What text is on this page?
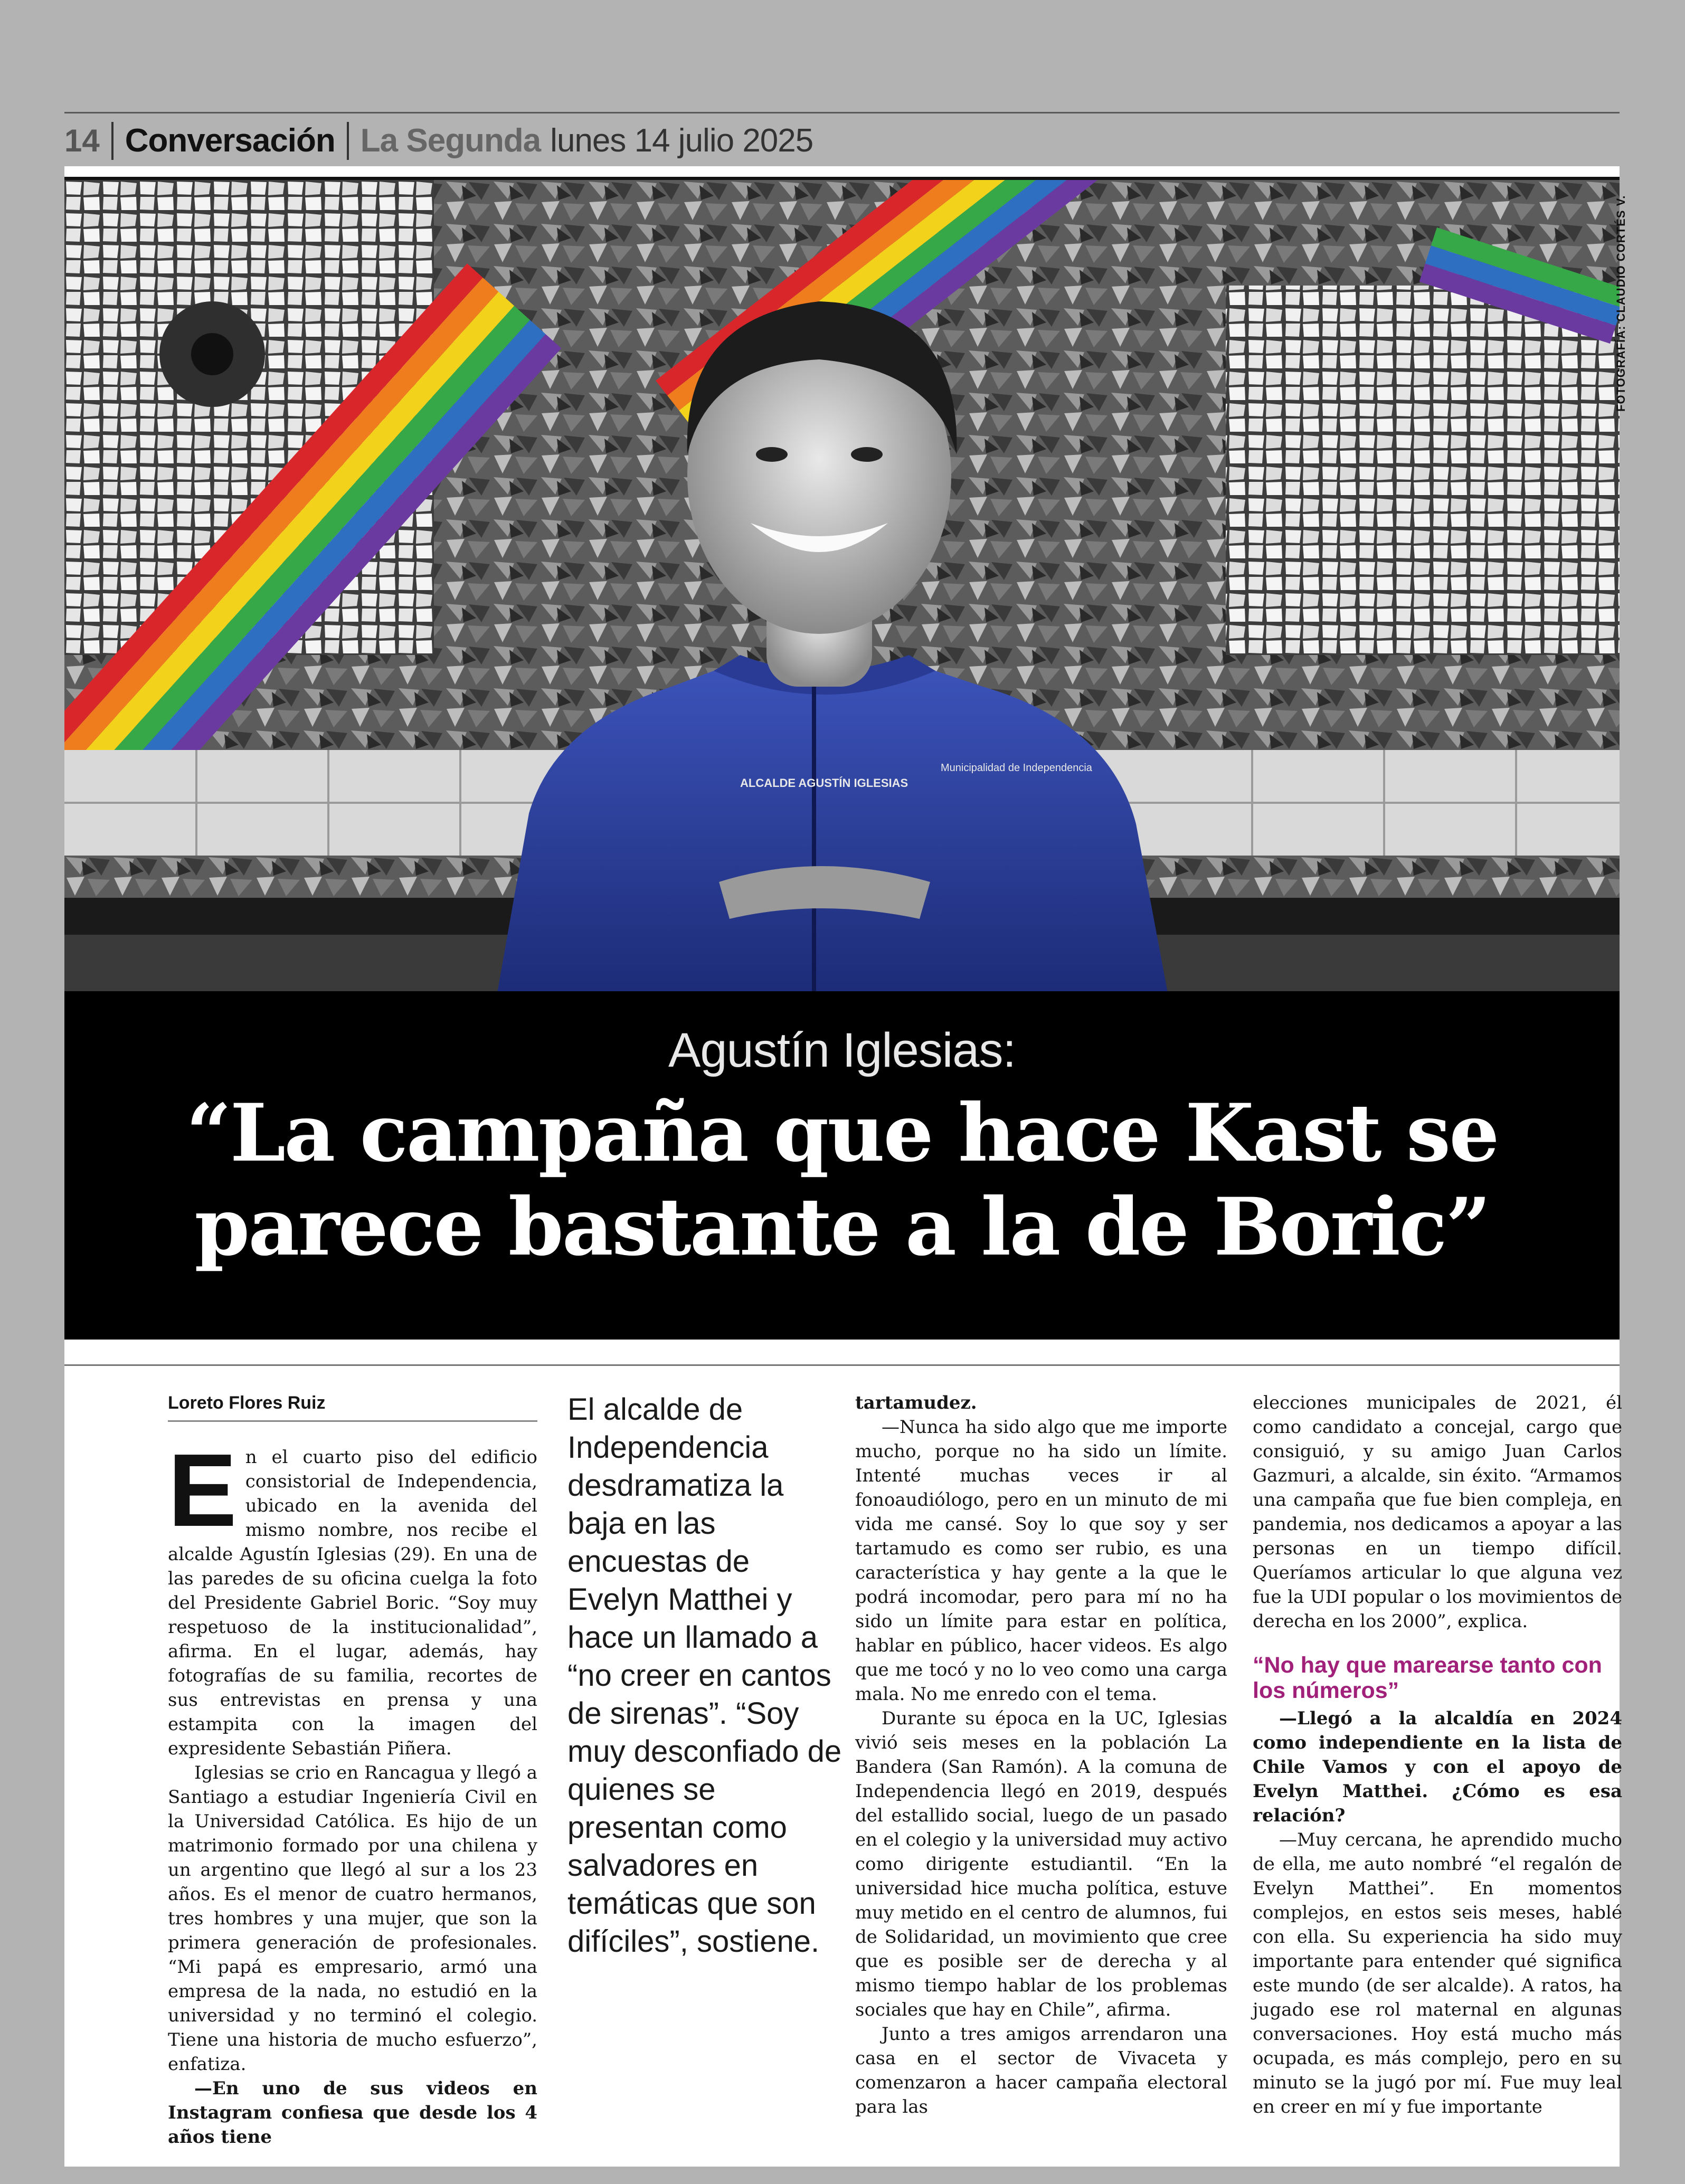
14 Conversación La Segunda lunes 14 julio 2025
ALCALDE AGUSTÍN IGLESIAS
Municipalidad de Independencia
FOTOGRAFÍA: CLAUDIO CORTÉS V.
Agustín Iglesias:
“La campaña que hace Kast se parece bastante a la de Boric”
Loreto Flores Ruiz

En el cuarto piso del edificio consistorial de Independencia, ubicado en la avenida del mismo nombre, nos recibe el alcalde Agustín Iglesias (29). En una de las paredes de su oficina cuelga la foto del Presidente Gabriel Boric. “Soy muy respetuoso de la institucionalidad”, afirma. En el lugar, además, hay fotografías de su familia, recortes de sus entrevistas en prensa y una estampita con la imagen del expresidente Sebastián Piñera.

Iglesias se crio en Rancagua y llegó a Santiago a estudiar Ingeniería Civil en la Universidad Católica. Es hijo de un matrimonio formado por una chilena y un argentino que llegó al sur a los 23 años. Es el menor de cuatro hermanos, tres hombres y una mujer, que son la primera generación de profesionales. “Mi papá es empresario, armó una empresa de la nada, no estudió en la universidad y no terminó el colegio. Tiene una historia de mucho esfuerzo”, enfatiza.

—En uno de sus videos en Instagram confiesa que desde los 4 años tiene

El alcalde de Independencia desdramatiza la baja en las encuestas de Evelyn Matthei y hace un llamado a “no creer en cantos de sirenas”. “Soy muy desconfiado de quienes se presentan como salvadores en temáticas que son difíciles”, sostiene.

tartamudez.

—Nunca ha sido algo que me importe mucho, porque no ha sido un límite. Intenté muchas veces ir al fonoaudiólogo, pero en un minuto de mi vida me cansé. Soy lo que soy y ser tartamudo es como ser rubio, es una característica y hay gente a la que le podrá incomodar, pero para mí no ha sido un límite para estar en política, hablar en público, hacer videos. Es algo que me tocó y no lo veo como una carga mala. No me enredo con el tema.

Durante su época en la UC, Iglesias vivió seis meses en la población La Bandera (San Ramón). A la comuna de Independencia llegó en 2019, después del estallido social, luego de un pasado en el colegio y la universidad muy activo como dirigente estudiantil. “En la universidad hice mucha política, estuve muy metido en el centro de alumnos, fui de Solidaridad, un movimiento que cree que es posible ser de derecha y al mismo tiempo hablar de los problemas sociales que hay en Chile”, afirma.

Junto a tres amigos arrendaron una casa en el sector de Vivaceta y comenzaron a hacer campaña electoral para las

elecciones municipales de 2021, él como candidato a concejal, cargo que consiguió, y su amigo Juan Carlos Gazmuri, a alcalde, sin éxito. “Armamos una campaña que fue bien compleja, en pandemia, nos dedicamos a apoyar a las personas en un tiempo difícil. Queríamos articular lo que alguna vez fue la UDI popular o los movimientos de derecha en los 2000”, explica.

“No hay que marearse tanto con los números”

—Llegó a la alcaldía en 2024 como independiente en la lista de Chile Vamos y con el apoyo de Evelyn Matthei. ¿Cómo es esa relación?

—Muy cercana, he aprendido mucho de ella, me auto nombré “el regalón de Evelyn Matthei”. En momentos complejos, en estos seis meses, hablé con ella. Su experiencia ha sido muy importante para entender qué significa este mundo (de ser alcalde). A ratos, ha jugado ese rol maternal en algunas conversaciones. Hoy está mucho más ocupada, es más complejo, pero en su minuto se la jugó por mí. Fue muy leal en creer en mí y fue importante
